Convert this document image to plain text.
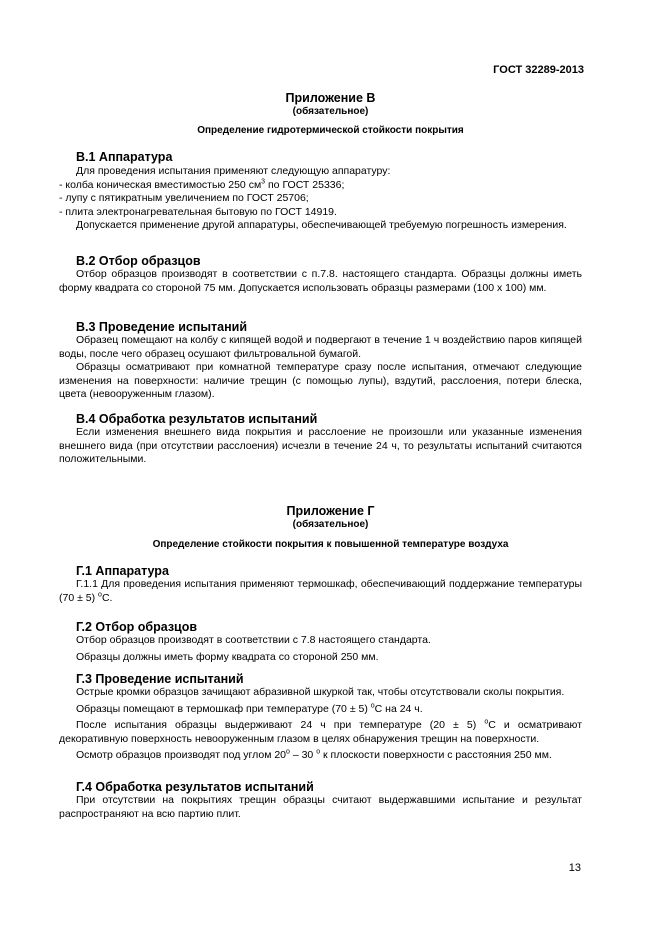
ГОСТ 32289-2013
Приложение В
(обязательное)
Определение гидротермической стойкости покрытия
В.1 Аппаратура

Для проведения испытания применяют следующую аппаратуру:

- колба коническая вместимостью 250 $см^3$ по ГОСТ 25336;

- лупу с пятикратным увеличением по ГОСТ 25706;

- плита электронагревательная бытовую по ГОСТ 14919.

Допускается применение другой аппаратуры, обеспечивающей требуемую погрешность измерения.

В.2 Отбор образцов

Отбор образцов производят в соответствии с п.7.8. настоящего стандарта. Образцы должны иметь форму квадрата со стороной 75 мм. Допускается использовать образцы размерами (100 х 100) мм.

В.3 Проведение испытаний

Образец помещают на колбу с кипящей водой и подвергают в течение 1 ч воздействию паров кипящей воды, после чего образец осушают фильтровальной бумагой.

Образцы осматривают при комнатной температуре сразу после испытания, отмечают следующие изменения на поверхности: наличие трещин (с помощью лупы), вздутий, расслоения, потери блеска, цвета (невооруженным глазом).

В.4 Обработка результатов испытаний

Если изменения внешнего вида покрытия и расслоение не произошли или указанные изменения внешнего вида (при отсутствии расслоения) исчезли в течение 24 ч, то результаты испытаний считаются положительными.

Приложение Г
(обязательное)
Определение стойкости покрытия к повышенной температуре воздуха
Г.1 Аппаратура

Г.1.1 Для проведения испытания применяют термошкаф, обеспечивающий поддержание температуры (70 ± 5) $^о$С.

Г.2 Отбор образцов

Отбор образцов производят в соответствии с 7.8 настоящего стандарта.

Образцы должны иметь форму квадрата со стороной 250 мм.

Г.3 Проведение испытаний

Острые кромки образцов зачищают абразивной шкуркой так, чтобы отсутствовали сколы покрытия.

Образцы помещают в термошкаф при температуре (70 ± 5) $^о$С на 24 ч.

После испытания образцы выдерживают 24 ч при температуре (20 ± 5) $^о$С и осматривают декоративную поверхность невооруженным глазом в целях обнаружения трещин на поверхности.

Осмотр образцов производят под углом $20^о - 30$ $^о$ к плоскости поверхности с расстояния 250 мм.

Г.4 Обработка результатов испытаний

При отсутствии на покрытиях трещин образцы считают выдержавшими испытание и результат распространяют на всю партию плит.

13
